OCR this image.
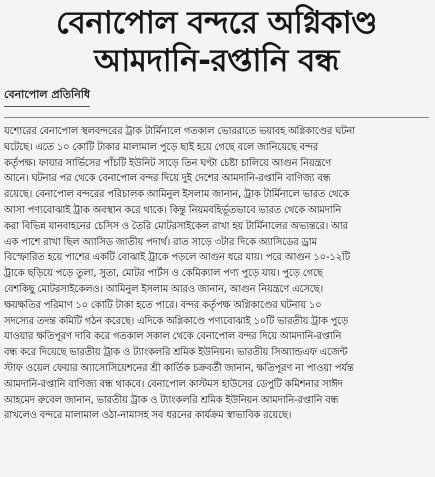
বেনাপোল বন্দরে অগ্নিকাণ্ড
আমদানি-রপ্তানি বন্ধ
বেনাপোল প্রতিনিধি
যশোরের বেনাপোল স্থলবন্দরের ট্রাক টার্মিনালে গতকাল ভোররাতে ভয়াবহ অগ্নিকাণ্ডের ঘটনা
ঘটেছে। এতে ১০ কোটি টাকার মালামাল পুড়ে ছাই হয়ে গেছে বলে জানিয়েছে বন্দর
কর্তৃপক্ষ। ফায়ার সার্ভিসের পাঁচটি ইউনিট সাড়ে তিন ঘণ্টা চেষ্টা চালিয়ে আগুন নিয়ন্ত্রণে
আনে। ঘটনার পর থেকে বেনাপোল বন্দর দিয়ে দুই দেশের আমদানি-রপ্তানি বাণিজ্য বন্ধ
রয়েছে। বেনাপোল বন্দরের পরিচালক আমিনুল ইসলাম জানান, ট্রাক টার্মিনালে ভারত থেকে
আসা পণ্যবোঝাই ট্রাক অবস্থান করে থাকে। কিন্তু নিয়মবহির্ভূতভাবে ভারত থেকে আমদানি
করা বিভিন্ন যানবাহনের চেসিস ও তৈরি মোটরসাইকেল রাখা হয় টার্মিনালের অভ্যন্তরে। আর
এক পাশে রাখা ছিল অ্যাসিড জাতীয় পদার্থ। রাত সাড়ে ৩টার দিকে অ্যাসিডের ড্রাম
বিস্ফোরিত হয়ে পাশের একটি বোঝাই ট্রাকে পড়লে আগুন ধরে যায়। পরে আগুন ১০-১২টি
ট্রাকে ছড়িয়ে পড়ে তুলা, সুতা, মোটর পার্টস ও কেমিক্যাল পণ্য পুড়ে যায়। পুড়ে গেছে
বেশকিছু মোটরসাইকেলও। আমিনুল ইসলাম আরও জানান, আগুন নিয়ন্ত্রণে এসেছে।
ক্ষয়ক্ষতির পরিমাণ ১০ কোটি টাকা হতে পারে। বন্দর কর্তৃপক্ষ অগ্নিকাণ্ডের ঘটনায় ১০
সদস্যের তদন্ত কমিটি গঠন করেছে। এদিকে অগ্নিকাণ্ডে পণ্যবোঝাই ১০টি ভারতীয় ট্রাক পুড়ে
যাওয়ার ক্ষতিপূরণ দাবি করে গতকাল সকাল থেকে বেনাপোল বন্দর দিয়ে আমদানি-রপ্তানি
বন্ধ করে দিয়েছে ভারতীয় ট্রাক ও ট্যাংকলরি শ্রমিক ইউনিয়ন। ভারতীয় সিঅ্যান্ডএফ এজেন্ট
স্টাফ ওয়েল ফেয়ার অ্যাসোসিয়েশনের শ্রী কার্তিক চক্রবর্তী জানান, ক্ষতিপূরণ না পাওয়া পর্যন্ত
আমদানি-রপ্তানি বাণিজ্য বন্ধ থাকবে। বেনাপোল কাস্টমস হাউসের ডেপুটি কমিশনার সাঈদ
আহমেদ রুবেল জানান, ভারতীয় ট্রাক ও ট্যাংকলরি শ্রমিক ইউনিয়ন আমদানি-রপ্তানি বন্ধ
রাখলেও বন্দরে মালামাল ওঠা-নামাসহ সব ধরনের কার্যক্রম স্বাভাবিক রয়েছে।
